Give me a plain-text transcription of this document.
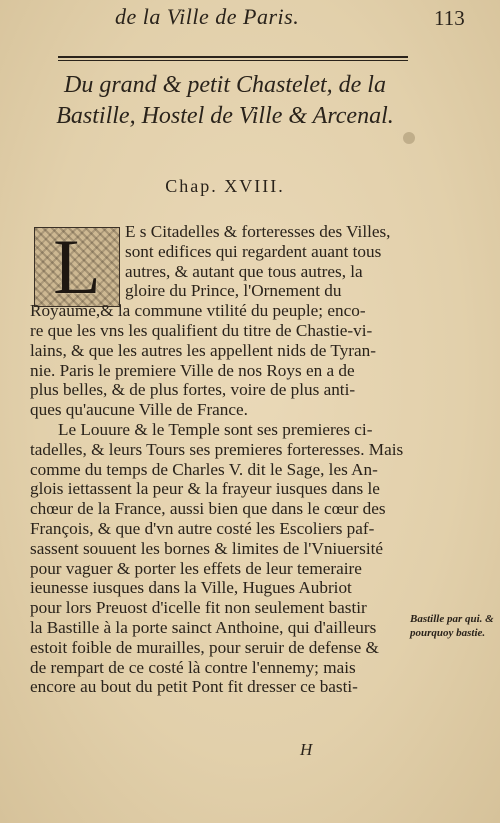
de la Ville de Paris.	113
Du grand & petit Chastelet, de la Bastille, Hostel de Ville & Arcenal.
Chap. XVIII.
L	E s Citadelles & forteresses des Villes,
sont edifices qui regardent auant tous
autres, & autant que tous autres, la
gloire du Prince, l'Ornement du
Royaume,& la commune vtilité du peuple; enco-
re que les vns les qualifient du titre de Chastie-vi-
lains, & que les autres les appellent nids de Tyran-
nie. Paris le premiere Ville de nos Roys en a de
plus belles, & de plus fortes, voire de plus anti-
ques qu'aucune Ville de France.
Le Louure & le Temple sont ses premieres ci-
tadelles, & leurs Tours ses premieres forteresses. Mais
comme du temps de Charles V. dit le Sage, les An-
glois iettassent la peur & la frayeur iusques dans le
chœur de la France, aussi bien que dans le cœur des
François, & que d'vn autre costé les Escoliers paf-
sassent souuent les bornes & limites de l'Vniuersité
pour vaguer & porter les effets de leur temeraire
ieunesse iusques dans la Ville, Hugues Aubriot
pour lors Preuost d'icelle fit non seulement bastir
la Bastille à la porte sainct Anthoine, qui d'ailleurs
estoit foible de murailles, pour seruir de defense &
de rempart de ce costé là contre l'ennemy; mais
encore au bout du petit Pont fit dresser ce basti-
Bastille par qui. &
pourquoy bastie.
H
